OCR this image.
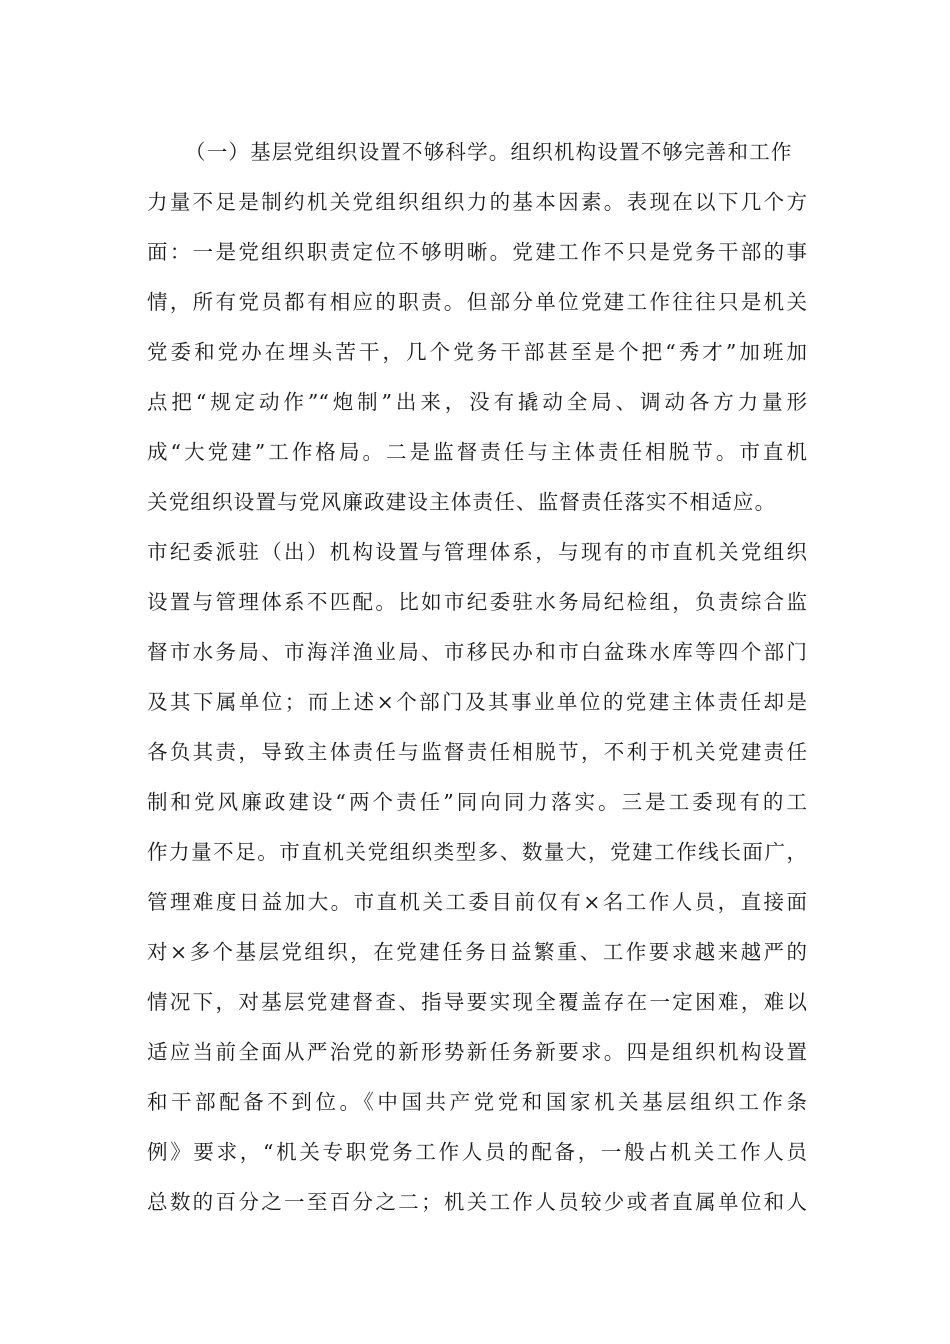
（一）基层党组织设置不够科学。组织机构设置不够完善和工作
力量不足是制约机关党组织组织力的基本因素。表现在以下几个方
面：一是党组织职责定位不够明晰。党建工作不只是党务干部的事
情，所有党员都有相应的职责。但部分单位党建工作往往只是机关
党委和党办在埋头苦干，几个党务干部甚至是个把“秀才”加班加
点把“规定动作”“炮制”出来，没有撬动全局、调动各方力量形
成“大党建”工作格局。二是监督责任与主体责任相脱节。市直机
关党组织设置与党风廉政建设主体责任、监督责任落实不相适应。
市纪委派驻（出）机构设置与管理体系，与现有的市直机关党组织
设置与管理体系不匹配。比如市纪委驻水务局纪检组，负责综合监
督市水务局、市海洋渔业局、市移民办和市白盆珠水库等四个部门
及其下属单位；而上述×个部门及其事业单位的党建主体责任却是
各负其责，导致主体责任与监督责任相脱节，不利于机关党建责任
制和党风廉政建设“两个责任”同向同力落实。三是工委现有的工
作力量不足。市直机关党组织类型多、数量大，党建工作线长面广，
管理难度日益加大。市直机关工委目前仅有×名工作人员，直接面
对×多个基层党组织，在党建任务日益繁重、工作要求越来越严的
情况下，对基层党建督查、指导要实现全覆盖存在一定困难，难以
适应当前全面从严治党的新形势新任务新要求。四是组织机构设置
和干部配备不到位。《中国共产党党和国家机关基层组织工作条
例》要求，“机关专职党务工作人员的配备，一般占机关工作人员
总数的百分之一至百分之二；机关工作人员较少或者直属单位和人
